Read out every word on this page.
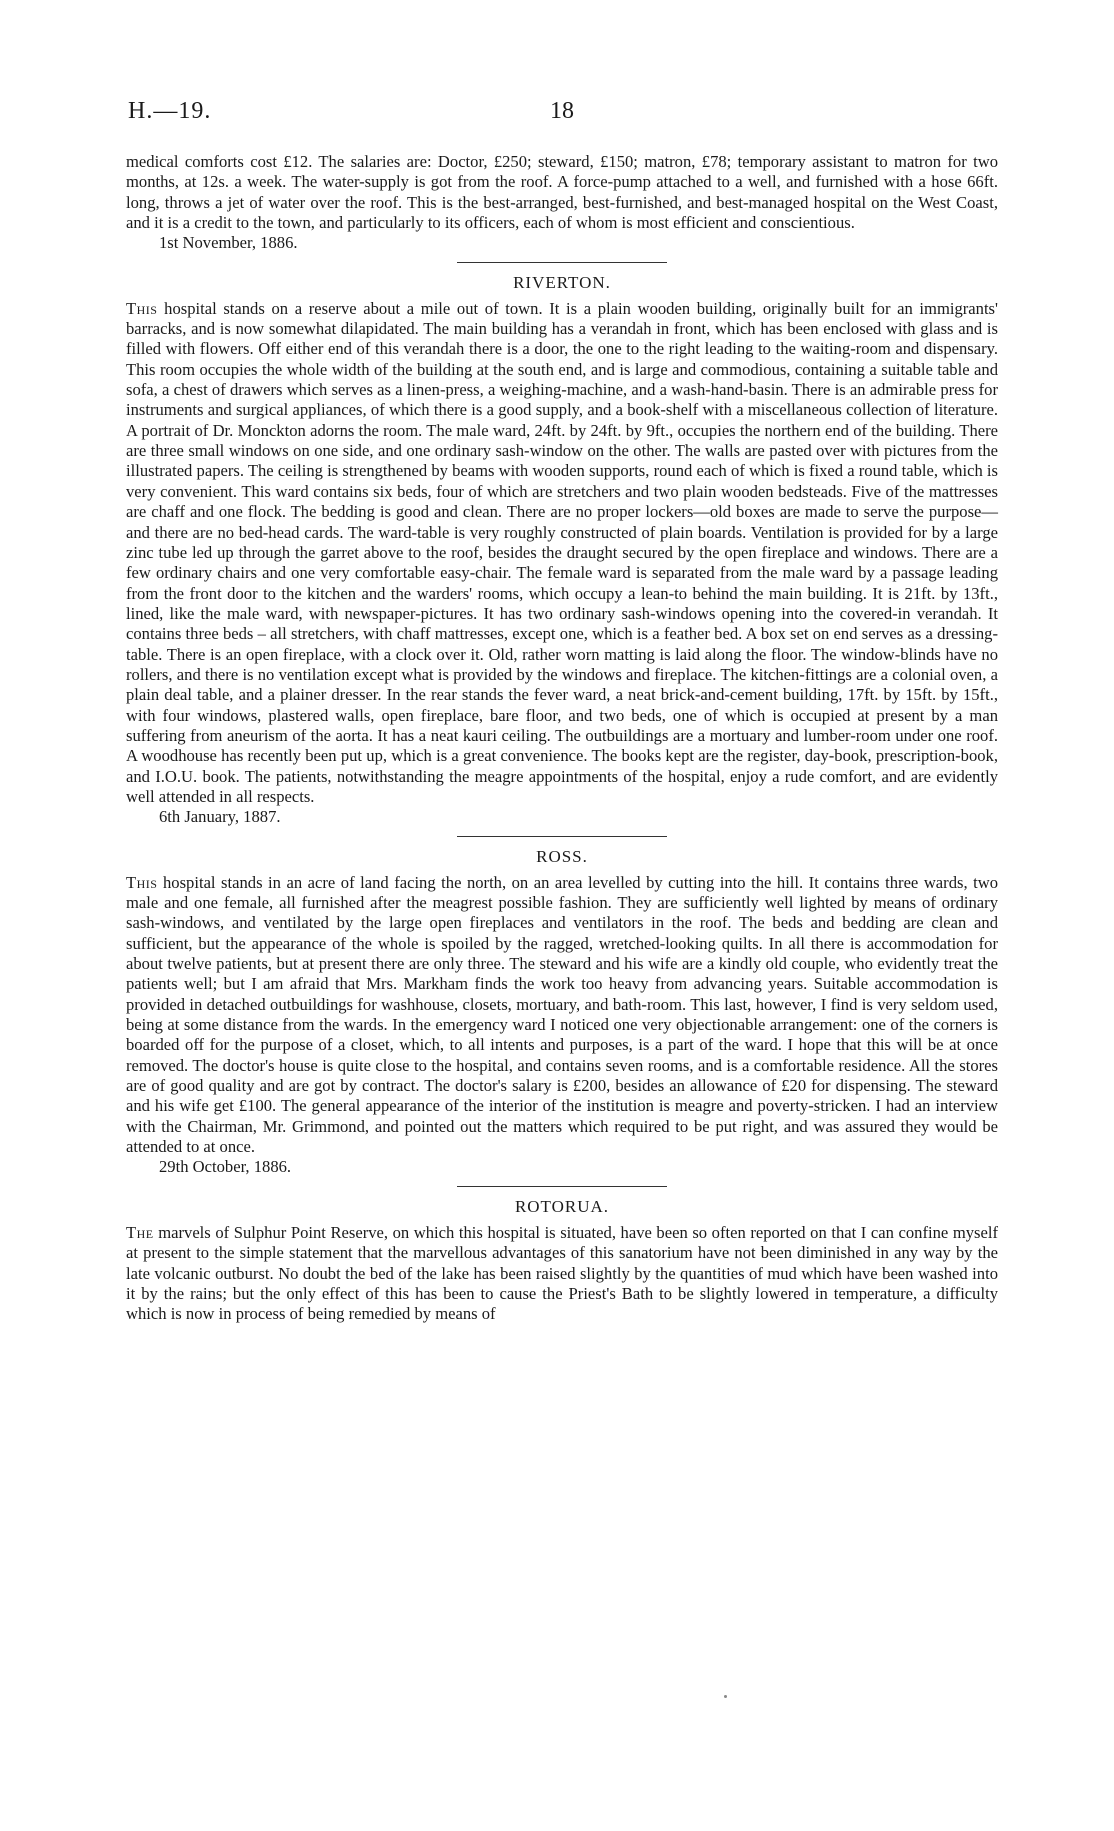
H.—19.	18

medical comforts cost £12. The salaries are: Doctor, £250; steward, £150; matron, £78; temporary assistant to matron for two months, at 12s. a week. The water-supply is got from the roof. A force-pump attached to a well, and furnished with a hose 66ft. long, throws a jet of water over the roof. This is the best-arranged, best-furnished, and best-managed hospital on the West Coast, and it is a credit to the town, and particularly to its officers, each of whom is most efficient and conscientious.

1st November, 1886.
RIVERTON.

This hospital stands on a reserve about a mile out of town. It is a plain wooden building, originally built for an immigrants' barracks, and is now somewhat dilapidated. The main building has a verandah in front, which has been enclosed with glass and is filled with flowers. Off either end of this verandah there is a door, the one to the right leading to the waiting-room and dispensary. This room occupies the whole width of the building at the south end, and is large and commodious, containing a suitable table and sofa, a chest of drawers which serves as a linen-press, a weighing-machine, and a wash-hand-basin. There is an admirable press for instruments and surgical appliances, of which there is a good supply, and a book-shelf with a miscellaneous collection of literature. A portrait of Dr. Monckton adorns the room. The male ward, 24ft. by 24ft. by 9ft., occupies the northern end of the building. There are three small windows on one side, and one ordinary sash-window on the other. The walls are pasted over with pictures from the illustrated papers. The ceiling is strengthened by beams with wooden supports, round each of which is fixed a round table, which is very convenient. This ward contains six beds, four of which are stretchers and two plain wooden bedsteads. Five of the mattresses are chaff and one flock. The bedding is good and clean. There are no proper lockers—old boxes are made to serve the purpose—and there are no bed-head cards. The ward-table is very roughly constructed of plain boards. Ventilation is provided for by a large zinc tube led up through the garret above to the roof, besides the draught secured by the open fireplace and windows. There are a few ordinary chairs and one very comfortable easy-chair. The female ward is separated from the male ward by a passage leading from the front door to the kitchen and the warders' rooms, which occupy a lean-to behind the main building. It is 21ft. by 13ft., lined, like the male ward, with newspaper-pictures. It has two ordinary sash-windows opening into the covered-in verandah. It contains three beds – all stretchers, with chaff mattresses, except one, which is a feather bed. A box set on end serves as a dressing-table. There is an open fireplace, with a clock over it. Old, rather worn matting is laid along the floor. The window-blinds have no rollers, and there is no ventilation except what is provided by the windows and fireplace. The kitchen-fittings are a colonial oven, a plain deal table, and a plainer dresser. In the rear stands the fever ward, a neat brick-and-cement building, 17ft. by 15ft. by 15ft., with four windows, plastered walls, open fireplace, bare floor, and two beds, one of which is occupied at present by a man suffering from aneurism of the aorta. It has a neat kauri ceiling. The outbuildings are a mortuary and lumber-room under one roof. A woodhouse has recently been put up, which is a great convenience. The books kept are the register, day-book, prescription-book, and I.O.U. book. The patients, notwithstanding the meagre appointments of the hospital, enjoy a rude comfort, and are evidently well attended in all respects.

6th January, 1887.
ROSS.

This hospital stands in an acre of land facing the north, on an area levelled by cutting into the hill. It contains three wards, two male and one female, all furnished after the meagrest possible fashion. They are sufficiently well lighted by means of ordinary sash-windows, and ventilated by the large open fireplaces and ventilators in the roof. The beds and bedding are clean and sufficient, but the appearance of the whole is spoiled by the ragged, wretched-looking quilts. In all there is accommodation for about twelve patients, but at present there are only three. The steward and his wife are a kindly old couple, who evidently treat the patients well; but I am afraid that Mrs. Markham finds the work too heavy from advancing years. Suitable accommodation is provided in detached outbuildings for washhouse, closets, mortuary, and bath-room. This last, however, I find is very seldom used, being at some distance from the wards. In the emergency ward I noticed one very objectionable arrangement: one of the corners is boarded off for the purpose of a closet, which, to all intents and purposes, is a part of the ward. I hope that this will be at once removed. The doctor's house is quite close to the hospital, and contains seven rooms, and is a comfortable residence. All the stores are of good quality and are got by contract. The doctor's salary is £200, besides an allowance of £20 for dispensing. The steward and his wife get £100. The general appearance of the interior of the institution is meagre and poverty-stricken. I had an interview with the Chairman, Mr. Grimmond, and pointed out the matters which required to be put right, and was assured they would be attended to at once.

29th October, 1886.
ROTORUA.

The marvels of Sulphur Point Reserve, on which this hospital is situated, have been so often reported on that I can confine myself at present to the simple statement that the marvellous advantages of this sanatorium have not been diminished in any way by the late volcanic outburst. No doubt the bed of the lake has been raised slightly by the quantities of mud which have been washed into it by the rains; but the only effect of this has been to cause the Priest's Bath to be slightly lowered in temperature, a difficulty which is now in process of being remedied by means of
